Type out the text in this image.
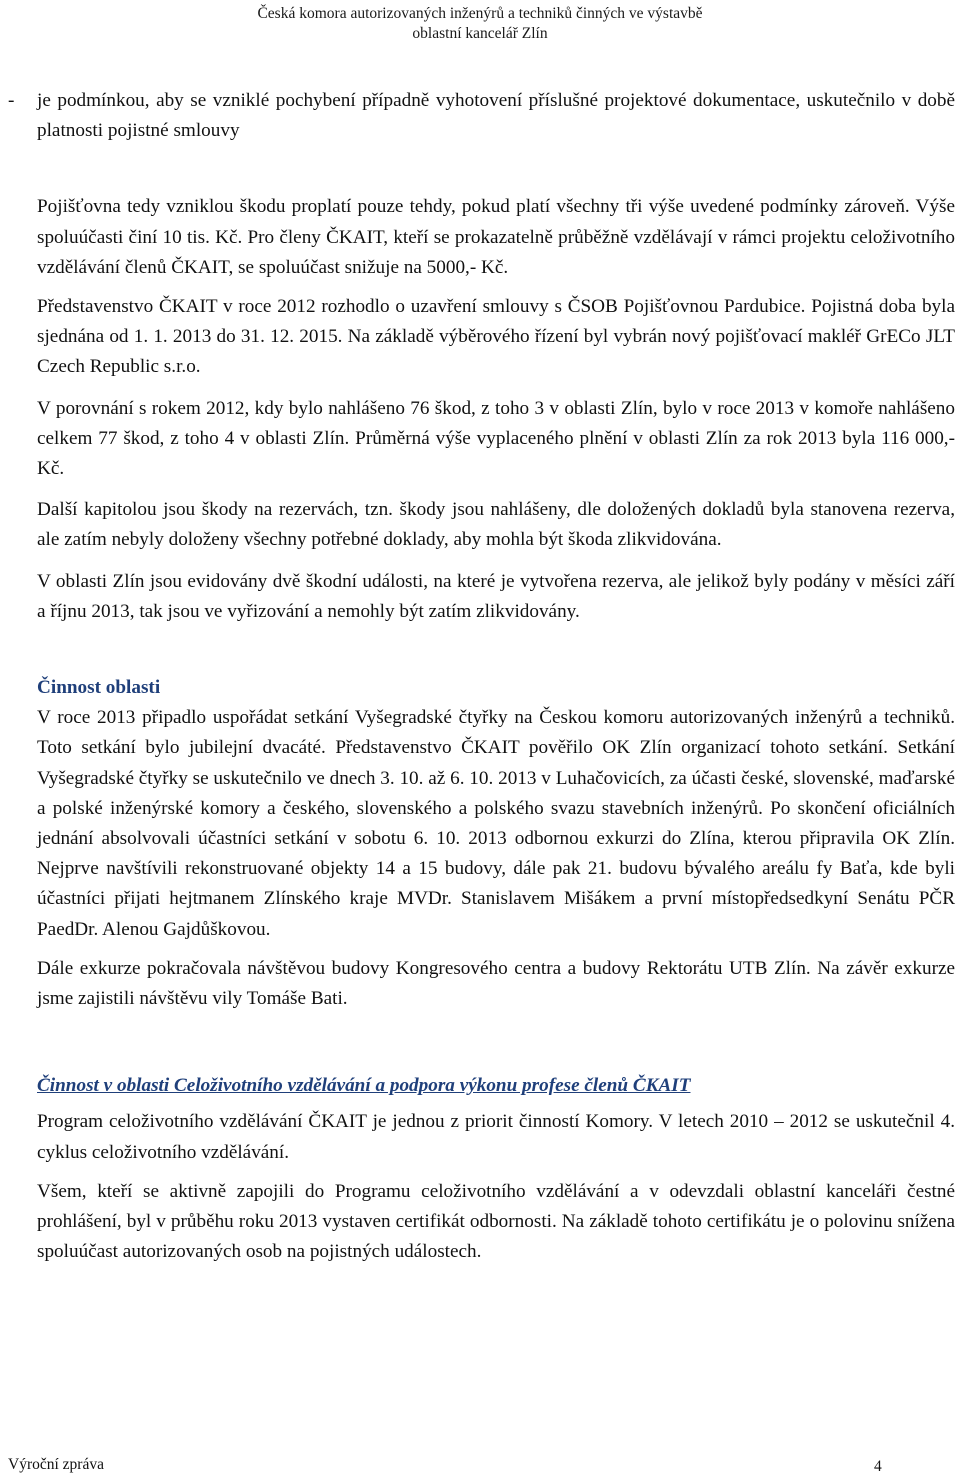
Česká komora autorizovaných inženýrů a techniků činných ve výstavbě
oblastní kancelář Zlín

- je podmínkou, aby se vzniklé pochybení případně vyhotovení příslušné projektové dokumentace, uskutečnilo v době platnosti pojistné smlouvy

Pojišťovna tedy vzniklou škodu proplatí pouze tehdy, pokud platí všechny tři výše uvedené podmínky zároveň. Výše spoluúčasti činí 10 tis. Kč. Pro členy ČKAIT, kteří se prokazatelně průběžně vzdělávají v rámci projektu celoživotního vzdělávání členů ČKAIT, se spoluúčast snižuje na 5000,- Kč.

Představenstvo ČKAIT v roce 2012 rozhodlo o uzavření smlouvy s ČSOB Pojišťovnou Pardubice. Pojistná doba byla sjednána od 1. 1. 2013 do 31. 12. 2015. Na základě výběrového řízení byl vybrán nový pojišťovací makléř GrECo JLT Czech Republic s.r.o.

V porovnání s rokem 2012, kdy bylo nahlášeno 76 škod, z toho 3 v oblasti Zlín, bylo v roce 2013 v komoře nahlášeno celkem 77 škod, z toho 4 v oblasti Zlín. Průměrná výše vyplaceného plnění v oblasti Zlín za rok 2013 byla 116 000,- Kč.

Další kapitolou jsou škody na rezervách, tzn. škody jsou nahlášeny, dle doložených dokladů byla stanovena rezerva, ale zatím nebyly doloženy všechny potřebné doklady, aby mohla být škoda zlikvidována.

V oblasti Zlín jsou evidovány dvě škodní události, na které je vytvořena rezerva, ale jelikož byly podány v měsíci září a říjnu 2013, tak jsou ve vyřizování a nemohly být zatím zlikvidovány.

Činnost oblasti

V roce 2013 připadlo uspořádat setkání Vyšegradské čtyřky na Českou komoru autorizovaných inženýrů a techniků. Toto setkání bylo jubilejní dvacáté. Představenstvo ČKAIT pověřilo OK Zlín organizací tohoto setkání. Setkání Vyšegradské čtyřky se uskutečnilo ve dnech 3. 10. až 6. 10. 2013 v Luhačovicích, za účasti české, slovenské, maďarské a polské inženýrské komory a českého, slovenského a polského svazu stavebních inženýrů. Po skončení oficiálních jednání absolvovali účastníci setkání v sobotu 6. 10. 2013 odbornou exkurzi do Zlína, kterou připravila OK Zlín. Nejprve navštívili rekonstruované objekty 14 a 15 budovy, dále pak 21. budovu bývalého areálu fy Baťa, kde byli účastníci přijati hejtmanem Zlínského kraje MVDr. Stanislavem Mišákem a první místopředsedkyní Senátu PČR PaedDr. Alenou Gajdůškovou.

Dále exkurze pokračovala návštěvou budovy Kongresového centra a budovy Rektorátu UTB Zlín. Na závěr exkurze jsme zajistili návštěvu vily Tomáše Bati.

Činnost v oblasti Celoživotního vzdělávání a podpora výkonu profese členů ČKAIT

Program celoživotního vzdělávání ČKAIT je jednou z priorit činností Komory. V letech 2010 – 2012 se uskutečnil 4. cyklus celoživotního vzdělávání.

Všem, kteří se aktivně zapojili do Programu celoživotního vzdělávání a v odevzdali oblastní kanceláři čestné prohlášení, byl v průběhu roku 2013 vystaven certifikát odbornosti. Na základě tohoto certifikátu je o polovinu snížena spoluúčast autorizovaných osob na pojistných událostech.

Výroční zpráva	4
